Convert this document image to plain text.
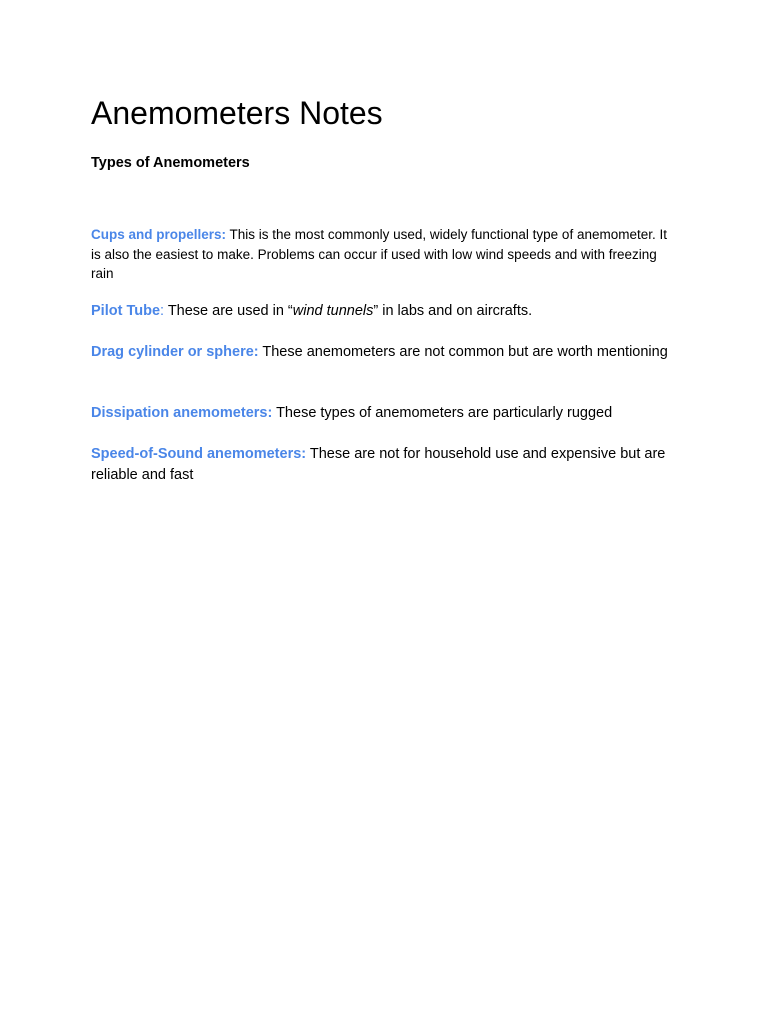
Anemometers Notes
Types of Anemometers

Cups and propellers: This is the most commonly used, widely functional type of anemometer. It is also the easiest to make. Problems can occur if used with low wind speeds and with freezing rain

Pilot Tube: These are used in “wind tunnels” in labs and on aircrafts.

Drag cylinder or sphere: These anemometers are not common but are worth mentioning

Dissipation anemometers: These types of anemometers are particularly rugged

Speed-of-Sound anemometers: These are not for household use and expensive but are reliable and fast
